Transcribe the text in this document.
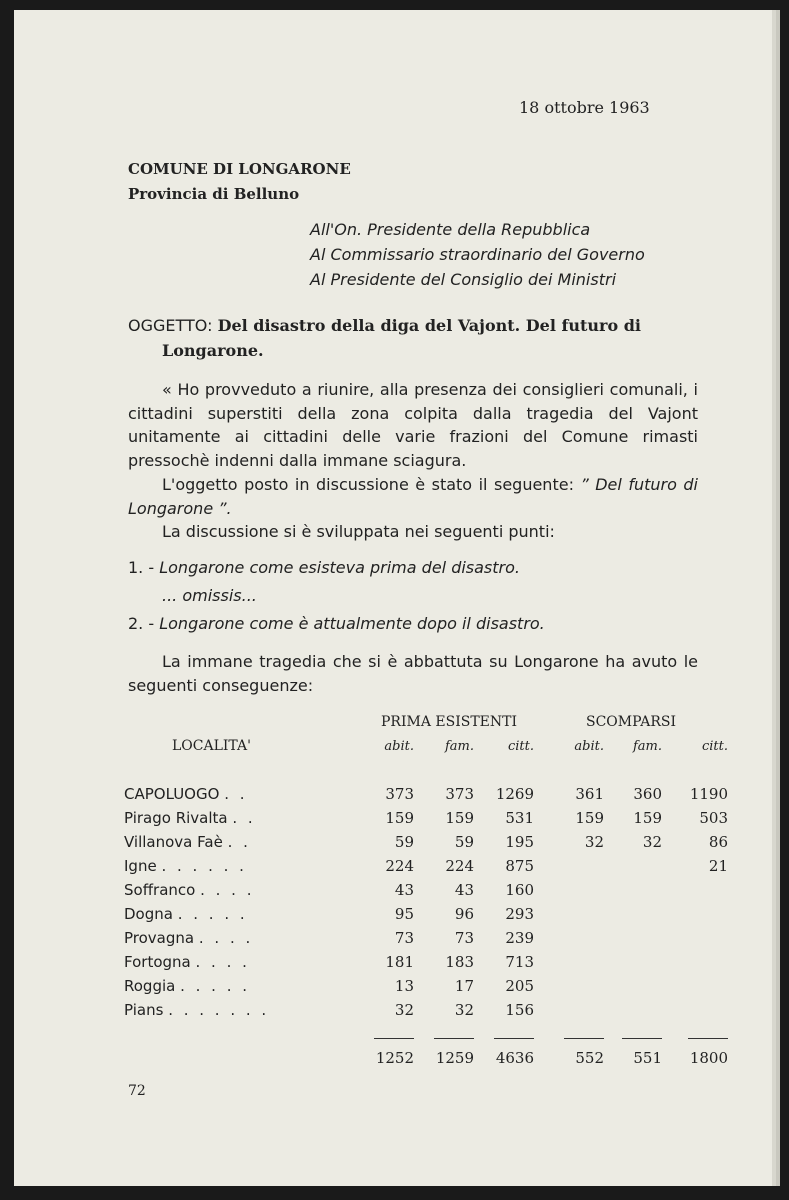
18 ottobre 1963
COMUNE DI LONGARONE
Provincia di Belluno
All'On. Presidente della Repubblica
Al Commissario straordinario del Governo
Al Presidente del Consiglio dei Ministri
OGGETTO: Del disastro della diga del Vajont. Del futuro di
Longarone.

« Ho provveduto a riunire, alla presenza dei consiglieri comunali, i cittadini superstiti della zona colpita dalla tragedia del Vajont unitamente ai cittadini delle varie frazioni del Comune rimasti pressochè indenni dalla immane sciagura.

L'oggetto posto in discussione è stato il seguente: ” Del futuro di Longarone ”.

La discussione si è sviluppata nei seguenti punti:

1. - Longarone come esisteva prima del disastro.
... omissis...
2. - Longarone come è attualmente dopo il disastro.

La immane tragedia che si è abbattuta su Longarone ha avuto le seguenti conseguenze:

	PRIMA ESISTENTI			SCOMPARSI		
LOCALITA'	abit.	fam.	citt.	abit.	fam.	citt.

CAPOLUOGO . .	373	373	1269	361	360	1190
Pirago Rivalta . .	159	159	531	159	159	503
Villanova Faè . .	59	59	195	32	32	86
Igne . . . . . .	224	224	875			21
Soffranco . . . .	43	43	160			
Dogna . . . . .	95	96	293			
Provagna . . . .	73	73	239			
Fortogna . . . .	181	183	713			
Roggia . . . . .	13	17	205			
Pians . . . . . . .	32	32	156			

	1252	1259	4636	552	551	1800
72
